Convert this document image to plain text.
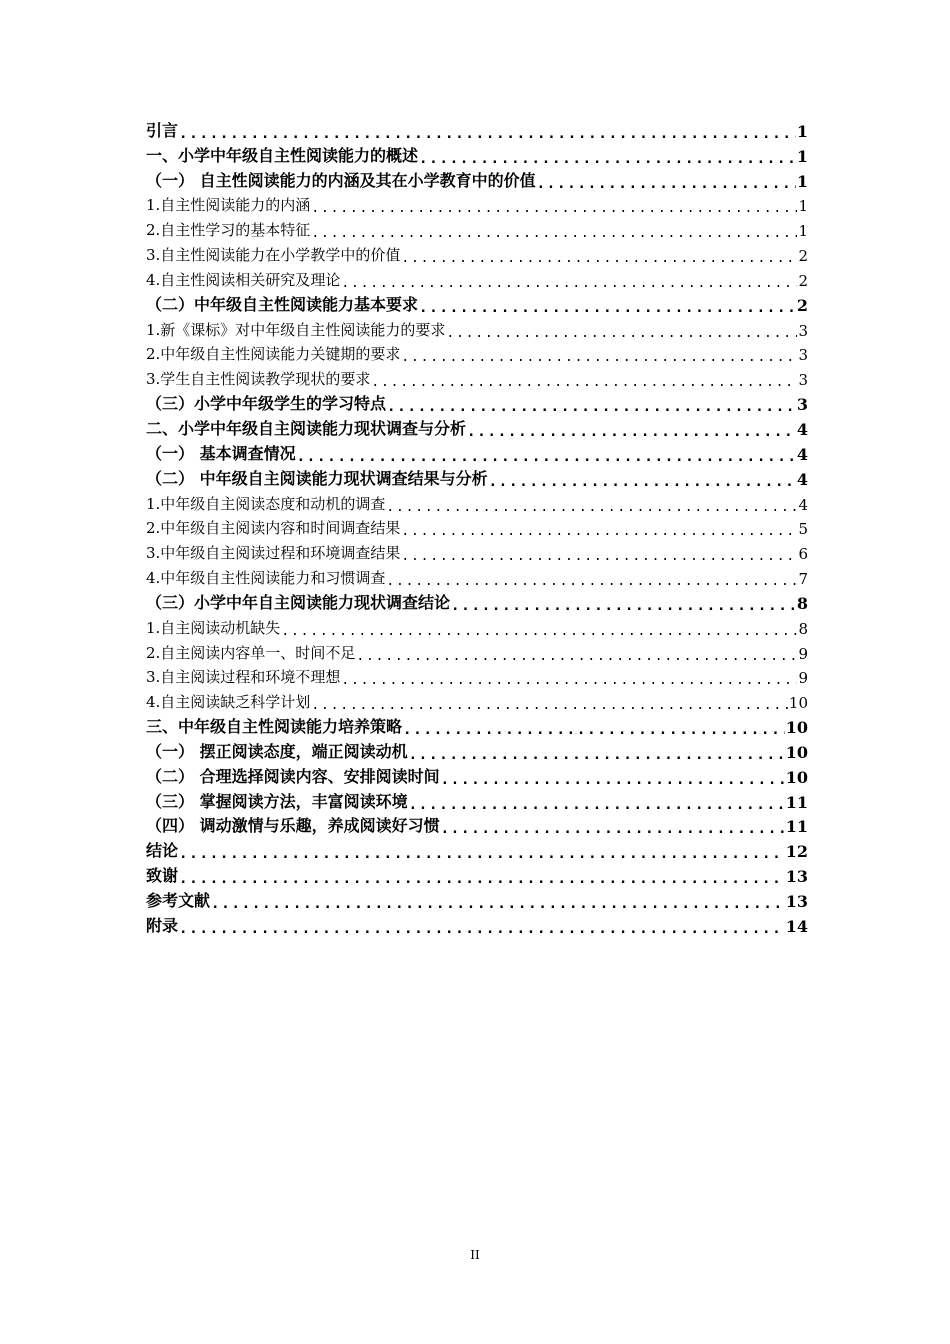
引言 .....	1
一、小学中年级自主性阅读能力的概述 .....	1
（一） 自主性阅读能力的内涵及其在小学教育中的价值 .....	1
1.自主性阅读能力的内涵 .....	1
2.自主性学习的基本特征 .....	1
3.自主性阅读能力在小学教学中的价值 .....	2
4.自主性阅读相关研究及理论 .....	2
（二）中年级自主性阅读能力基本要求 .....	2
1.新《课标》对中年级自主性阅读能力的要求 .....	3
2.中年级自主性阅读能力关键期的要求 .....	3
3.学生自主性阅读教学现状的要求 .....	3
（三）小学中年级学生的学习特点 .....	3
二、小学中年级自主阅读能力现状调查与分析 .....	4
（一） 基本调查情况 .....	4
（二） 中年级自主阅读能力现状调查结果与分析 .....	4
1.中年级自主阅读态度和动机的调查 .....	4
2.中年级自主阅读内容和时间调查结果 .....	5
3.中年级自主阅读过程和环境调查结果 .....	6
4.中年级自主性阅读能力和习惯调查 .....	7
（三）小学中年自主阅读能力现状调查结论 .....	8
1.自主阅读动机缺失 .....	8
2.自主阅读内容单一、时间不足 .....	9
3.自主阅读过程和环境不理想 .....	9
4.自主阅读缺乏科学计划 .....	10
三、中年级自主性阅读能力培养策略 .....	10
（一） 摆正阅读态度，端正阅读动机 .....	10
（二） 合理选择阅读内容、安排阅读时间 .....	10
（三） 掌握阅读方法，丰富阅读环境 .....	11
（四） 调动激情与乐趣，养成阅读好习惯 .....	11
结论 .....	12
致谢 .....	13
参考文献 .....	13
附录 .....	14
II
